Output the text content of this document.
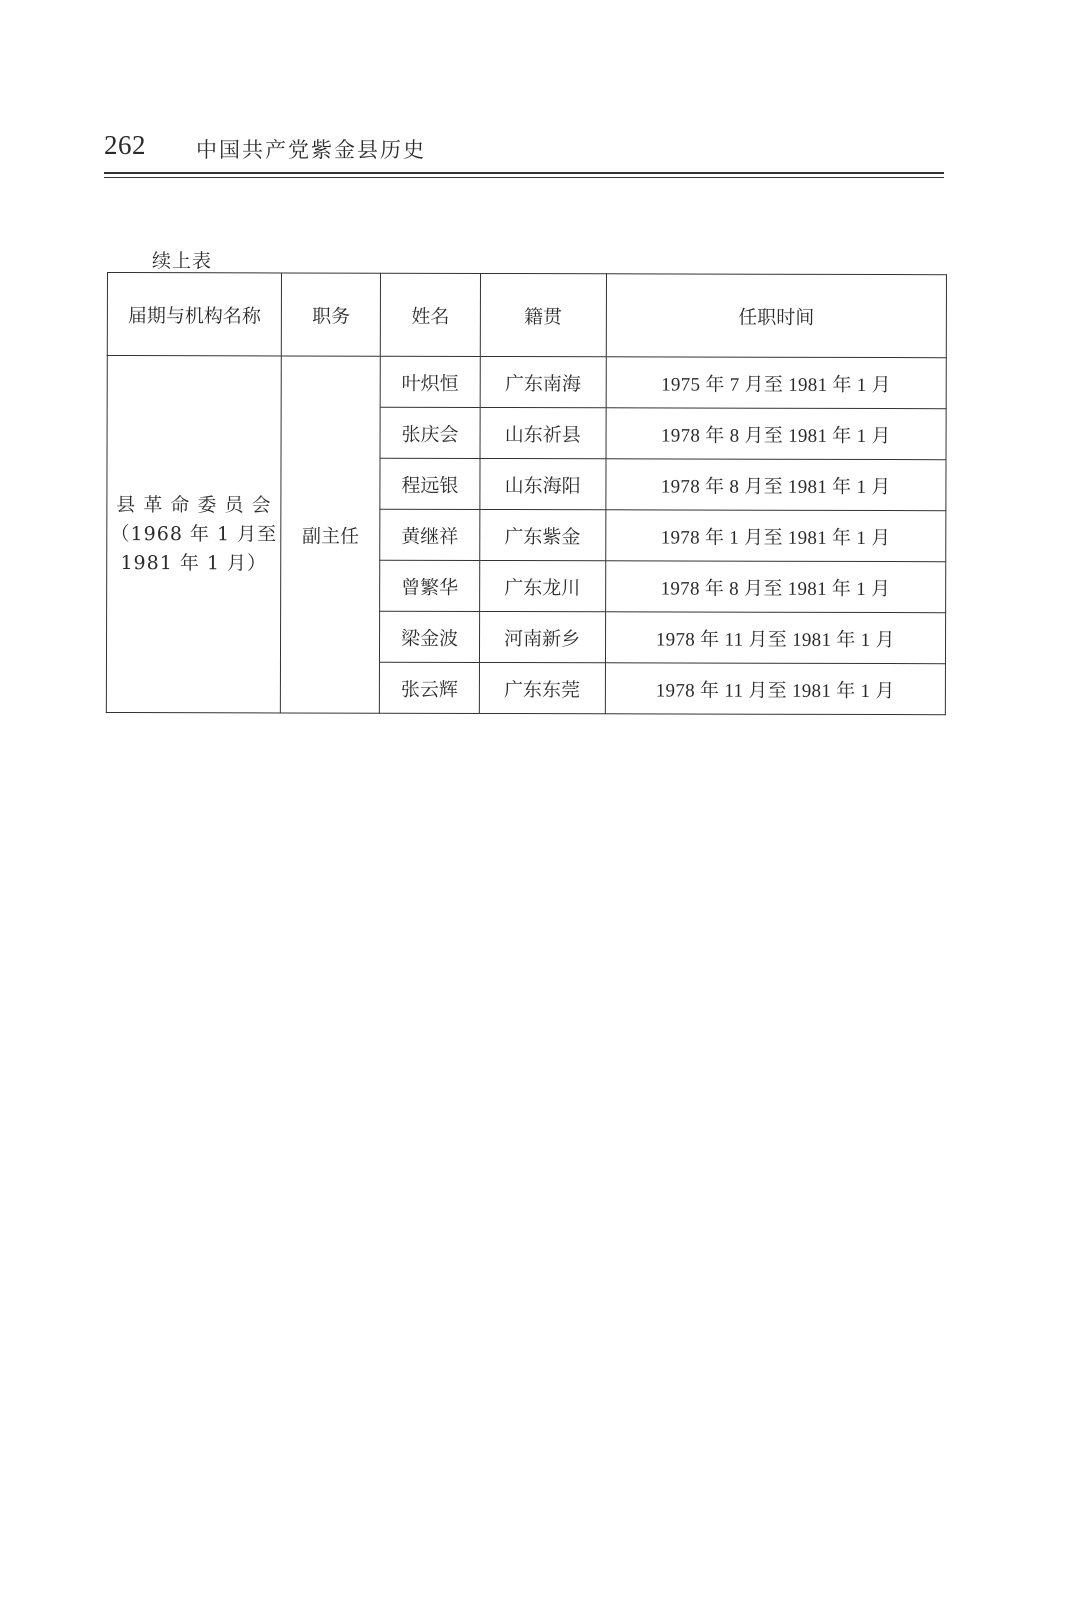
262 中国共产党紫金县历史
续上表
届期与机构名称	职务	姓名	籍贯	任职时间

县 革 命 委 员 会
（1968 年 1 月至
1981 年 1 月）	副主任	叶炽恒	广东南海	1975 年 7 月至 1981 年 1 月
		张庆会	山东祈县	1978 年 8 月至 1981 年 1 月
		程远银	山东海阳	1978 年 8 月至 1981 年 1 月
		黄继祥	广东紫金	1978 年 1 月至 1981 年 1 月
		曾繁华	广东龙川	1978 年 8 月至 1981 年 1 月
		梁金波	河南新乡	1978 年 11 月至 1981 年 1 月
		张云辉	广东东莞	1978 年 11 月至 1981 年 1 月
